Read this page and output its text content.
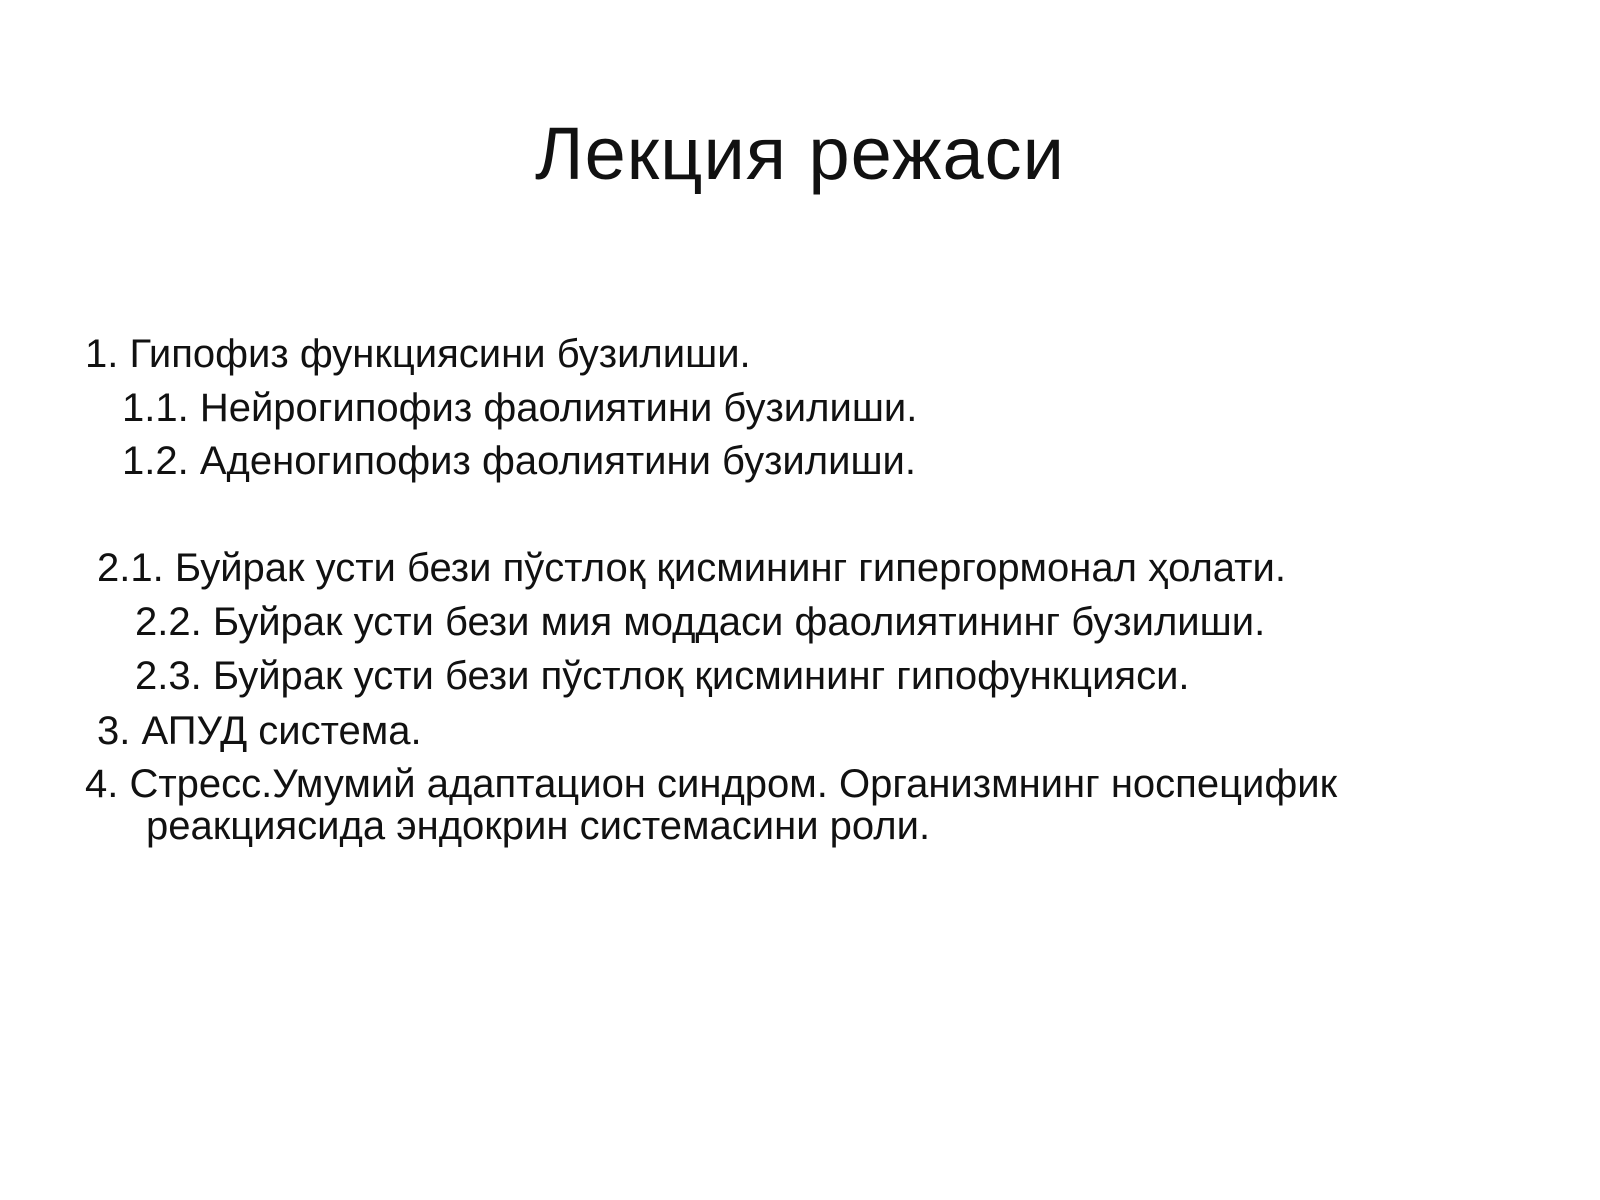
Лекция режаси
1. Гипофиз функциясини бузилиши.
1.1. Нейрогипофиз фаолиятини бузилиши.
1.2. Аденогипофиз фаолиятини бузилиши.
2.1. Буйрак усти бези пўстлоқ қисмининг гипергормонал ҳолати.
2.2. Буйрак усти бези мия моддаси фаолиятининг бузилиши.
2.3. Буйрак усти бези пўстлоқ қисмининг гипофункцияси.
3. АПУД система.
4. Стресс.Умумий адаптацион синдром. Организмнинг носпецифик
реакциясида эндокрин системасини роли.
